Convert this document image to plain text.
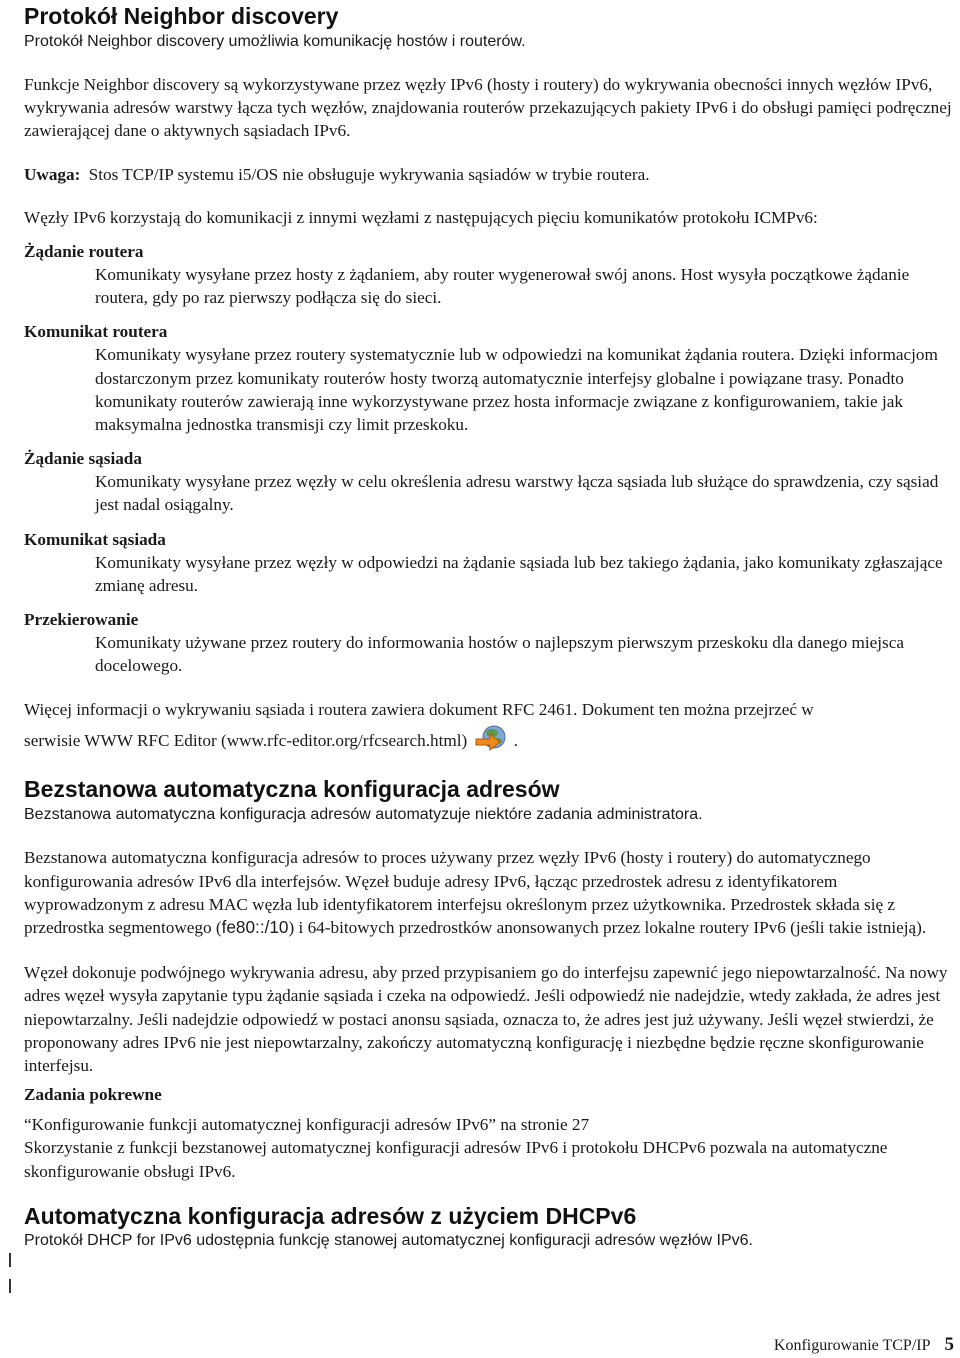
Protokół Neighbor discovery

Protokół Neighbor discovery umożliwia komunikację hostów i routerów.

Funkcje Neighbor discovery są wykorzystywane przez węzły IPv6 (hosty i routery) do wykrywania obecności innych węzłów IPv6, wykrywania adresów warstwy łącza tych węzłów, znajdowania routerów przekazujących pakiety IPv6 i do obsługi pamięci podręcznej zawierającej dane o aktywnych sąsiadach IPv6.

Uwaga: Stos TCP/IP systemu i5/OS nie obsługuje wykrywania sąsiadów w trybie routera.

Węzły IPv6 korzystają do komunikacji z innymi węzłami z następujących pięciu komunikatów protokołu ICMPv6:

Żądanie routera

Komunikaty wysyłane przez hosty z żądaniem, aby router wygenerował swój anons. Host wysyła początkowe żądanie routera, gdy po raz pierwszy podłącza się do sieci.

Komunikat routera

Komunikaty wysyłane przez routery systematycznie lub w odpowiedzi na komunikat żądania routera. Dzięki informacjom dostarczonym przez komunikaty routerów hosty tworzą automatycznie interfejsy globalne i powiązane trasy. Ponadto komunikaty routerów zawierają inne wykorzystywane przez hosta informacje związane z konfigurowaniem, takie jak maksymalna jednostka transmisji czy limit przeskoku.

Żądanie sąsiada

Komunikaty wysyłane przez węzły w celu określenia adresu warstwy łącza sąsiada lub służące do sprawdzenia, czy sąsiad jest nadal osiągalny.

Komunikat sąsiada

Komunikaty wysyłane przez węzły w odpowiedzi na żądanie sąsiada lub bez takiego żądania, jako komunikaty zgłaszające zmianę adresu.

Przekierowanie

Komunikaty używane przez routery do informowania hostów o najlepszym pierwszym przeskoku dla danego miejsca docelowego.

Więcej informacji o wykrywaniu sąsiada i routera zawiera dokument RFC 2461. Dokument ten można przejrzeć w
serwisie WWW RFC Editor (www.rfc-editor.org/rfcsearch.html)	.

Bezstanowa automatyczna konfiguracja adresów

Bezstanowa automatyczna konfiguracja adresów automatyzuje niektóre zadania administratora.

Bezstanowa automatyczna konfiguracja adresów to proces używany przez węzły IPv6 (hosty i routery) do automatycznego konfigurowania adresów IPv6 dla interfejsów. Węzeł buduje adresy IPv6, łącząc przedrostek adresu z identyfikatorem wyprowadzonym z adresu MAC węzła lub identyfikatorem interfejsu określonym przez użytkownika. Przedrostek składa się z przedrostka segmentowego (fe80::/10) i 64-bitowych przedrostków anonsowanych przez lokalne routery IPv6 (jeśli takie istnieją).

Węzeł dokonuje podwójnego wykrywania adresu, aby przed przypisaniem go do interfejsu zapewnić jego niepowtarzalność. Na nowy adres węzeł wysyła zapytanie typu żądanie sąsiada i czeka na odpowiedź. Jeśli odpowiedź nie nadejdzie, wtedy zakłada, że adres jest niepowtarzalny. Jeśli nadejdzie odpowiedź w postaci anonsu sąsiada, oznacza to, że adres jest już używany. Jeśli węzeł stwierdzi, że proponowany adres IPv6 nie jest niepowtarzalny, zakończy automatyczną konfigurację i niezbędne będzie ręczne skonfigurowanie interfejsu.

Zadania pokrewne

“Konfigurowanie funkcji automatycznej konfiguracji adresów IPv6” na stronie 27

Skorzystanie z funkcji bezstanowej automatycznej konfiguracji adresów IPv6 i protokołu DHCPv6 pozwala na automatyczne skonfigurowanie obsługi IPv6.

Automatyczna konfiguracja adresów z użyciem DHCPv6

Protokół DHCP for IPv6 udostępnia funkcję stanowej automatycznej konfiguracji adresów węzłów IPv6.

Konfigurowanie TCP/IP 5
